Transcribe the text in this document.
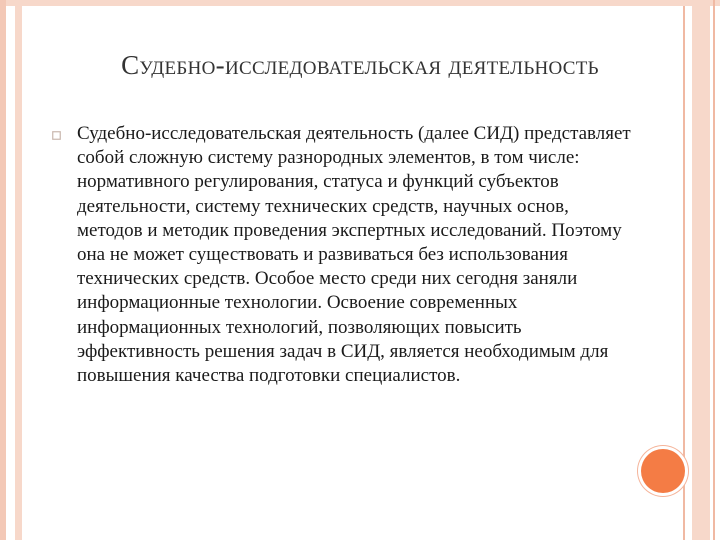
Судебно-исследовательская деятельность

Судебно-исследовательская деятельность (далее СИД) представляет собой сложную систему разнородных элементов, в том числе: нормативного регулирования, статуса и функций субъектов деятельности, систему технических средств, научных основ, методов и методик проведения экспертных исследований. Поэтому она не может существовать и развиваться без использования технических средств. Особое место среди них сегодня заняли информационные технологии. Освоение современных информационных технологий, позволяющих повысить эффективность решения задач в СИД, является необходимым для повышения качества подготовки специалистов.
